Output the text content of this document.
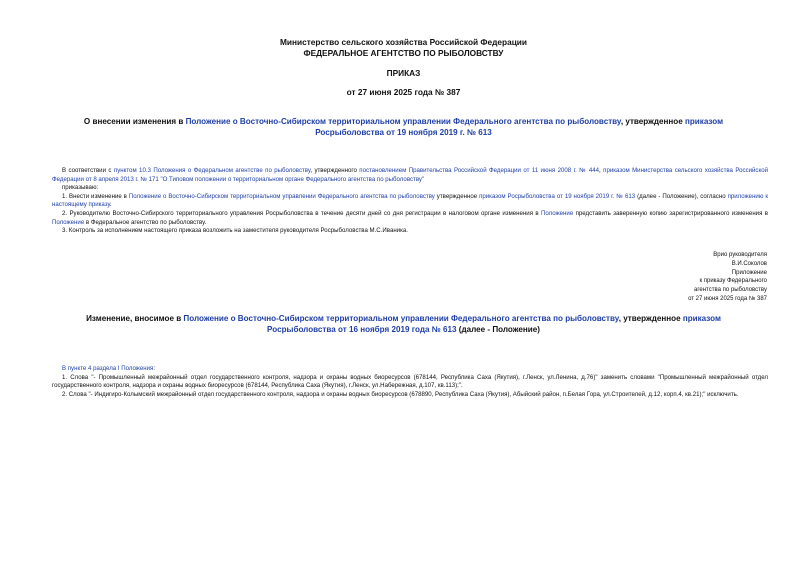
Министерство сельского хозяйства Российской Федерации
ФЕДЕРАЛЬНОЕ АГЕНТСТВО ПО РЫБОЛОВСТВУ
ПРИКАЗ
от 27 июня 2025 года № 387
О внесении изменения в Положение о Восточно-Сибирском территориальном управлении Федерального агентства по рыболовству, утвержденное приказом
Росрыболовства от 19 ноября 2019 г. № 613

В соответствии с пунктом 10.3 Положения о Федеральном агентстве по рыболовству, утвержденного постановлением Правительства Российской Федерации от 11 июня 2008 г. № 444, приказом Министерства сельского хозяйства Российской Федерации от 8 апреля 2013 г. № 171 "О Типовом положении о территориальном органе Федерального агентства по рыболовству"

приказываю:

1. Внести изменение в Положение о Восточно-Сибирском территориальном управлении Федерального агентства по рыболовству утвержденное приказом Росрыболовства от 19 ноября 2019 г. № 613 (далее - Положение), согласно приложению к настоящему приказу.

2. Руководителю Восточно-Сибирского территориального управления Росрыболовства в течение десяти дней со дня регистрации в налоговом органе изменения в Положение представить заверенную копию зарегистрированного изменения в Положение в Федеральное агентство по рыболовству.

3. Контроль за исполнением настоящего приказа возложить на заместителя руководителя Росрыболовства М.С.Иваника.

Врио руководителя
В.И.Соколов
Приложение
к приказу Федерального
агентства по рыболовству
от 27 июня 2025 года № 387
Изменение, вносимое в Положение о Восточно-Сибирском территориальном управлении Федерального агентства по рыболовству, утвержденное приказом
Росрыболовства от 16 ноября 2019 года № 613 (далее - Положение)

В пункте 4 раздела I Положения:

1. Слова "- Промышленный межрайонный отдел государственного контроля, надзора и охраны водных биоресурсов (678144, Республика Саха (Якутия), г.Ленск, ул.Ленина, д.76)" заменить словами "Промышленный межрайонный отдел государственного контроля, надзора и охраны водных биоресурсов (678144, Республика Саха (Якутия), г.Ленск, ул.Набережная, д.107, кв.113);".

2. Слова "- Индигиро-Колымский межрайонный отдел государственного контроля, надзора и охраны водных биоресурсов (678890, Республика Саха (Якутия), Абыйский район, п.Белая Гора, ул.Строителей, д.12, корп.4, кв.21);" исключить.
